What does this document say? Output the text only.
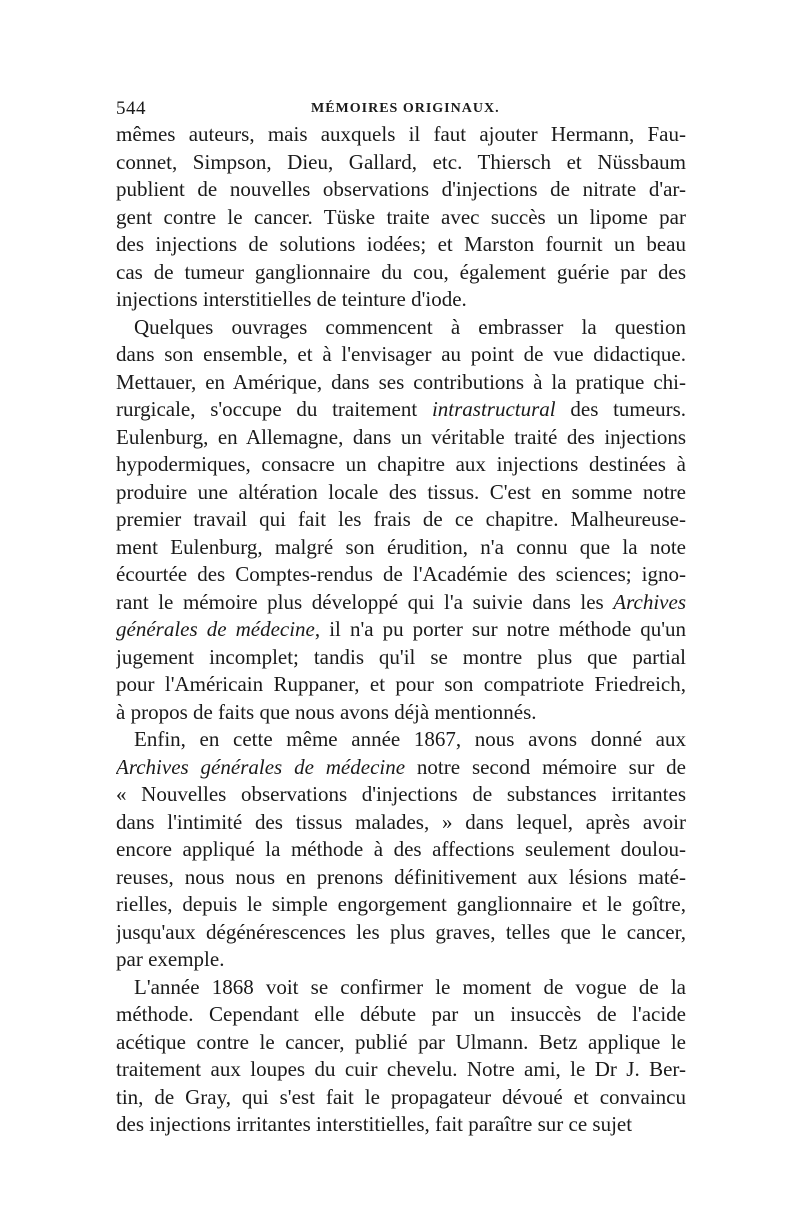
544	MÉMOIRES ORIGINAUX.
mêmes auteurs, mais auxquels il faut ajouter Hermann, Fau-
connet, Simpson, Dieu, Gallard, etc. Thiersch et Nüssbaum
publient de nouvelles observations d'injections de nitrate d'ar-
gent contre le cancer. Tüske traite avec succès un lipome par
des injections de solutions iodées; et Marston fournit un beau
cas de tumeur ganglionnaire du cou, également guérie par des
injections interstitielles de teinture d'iode.
Quelques ouvrages commencent à embrasser la question
dans son ensemble, et à l'envisager au point de vue didactique.
Mettauer, en Amérique, dans ses contributions à la pratique chi-
rurgicale, s'occupe du traitement intrastructural des tumeurs.
Eulenburg, en Allemagne, dans un véritable traité des injections
hypodermiques, consacre un chapitre aux injections destinées à
produire une altération locale des tissus. C'est en somme notre
premier travail qui fait les frais de ce chapitre. Malheureuse-
ment Eulenburg, malgré son érudition, n'a connu que la note
écourtée des Comptes-rendus de l'Académie des sciences; igno-
rant le mémoire plus développé qui l'a suivie dans les Archives
générales de médecine, il n'a pu porter sur notre méthode qu'un
jugement incomplet; tandis qu'il se montre plus que partial
pour l'Américain Ruppaner, et pour son compatriote Friedreich,
à propos de faits que nous avons déjà mentionnés.
Enfin, en cette même année 1867, nous avons donné aux
Archives générales de médecine notre second mémoire sur de
« Nouvelles observations d'injections de substances irritantes
dans l'intimité des tissus malades, » dans lequel, après avoir
encore appliqué la méthode à des affections seulement doulou-
reuses, nous nous en prenons définitivement aux lésions maté-
rielles, depuis le simple engorgement ganglionnaire et le goître,
jusqu'aux dégénérescences les plus graves, telles que le cancer,
par exemple.
L'année 1868 voit se confirmer le moment de vogue de la
méthode. Cependant elle débute par un insuccès de l'acide
acétique contre le cancer, publié par Ulmann. Betz applique le
traitement aux loupes du cuir chevelu. Notre ami, le Dr J. Ber-
tin, de Gray, qui s'est fait le propagateur dévoué et convaincu
des injections irritantes interstitielles, fait paraître sur ce sujet
